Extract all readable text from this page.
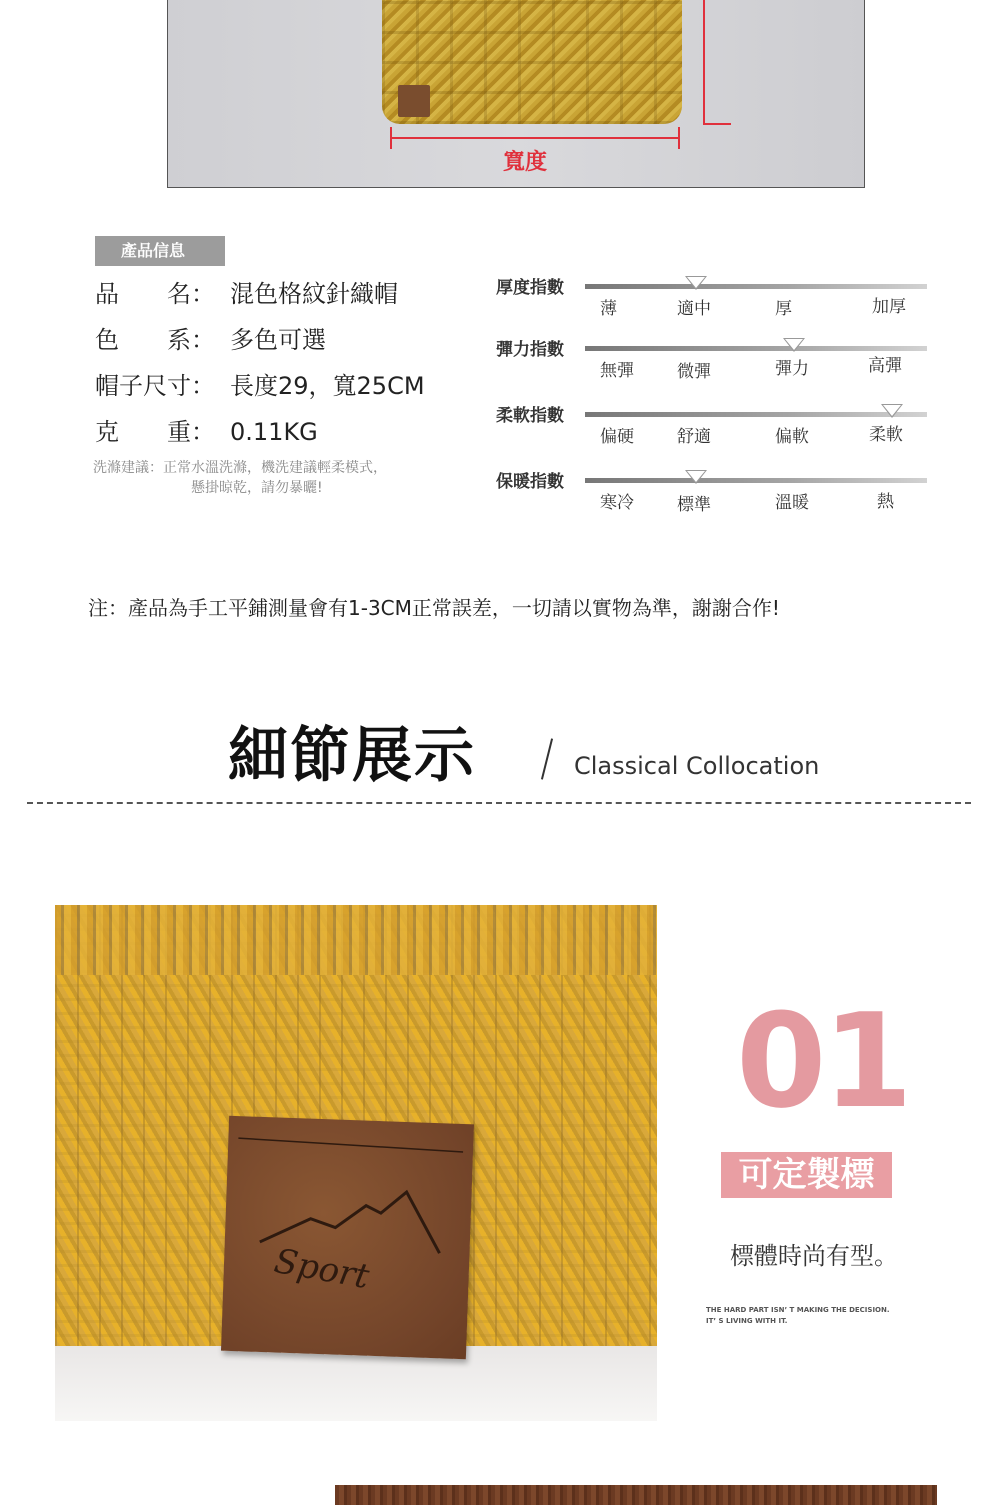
寬度
產品信息
品　　名： 混色格紋針織帽
色　　系： 多色可選
帽子尺寸： 長度29，寬25CM
克　　重： 0.11KG
洗滌建議：正常水溫洗滌，機洗建議輕柔模式，
懸掛晾乾，請勿暴曬!
厚度指數
薄	適中	厚	加厚
彈力指數
無彈	微彈	彈力	高彈
柔軟指數
偏硬	舒適	偏軟	柔軟
保暖指數
寒冷	標準	溫暖	熱
注：產品為手工平鋪測量會有1-3CM正常誤差，一切請以實物為準，謝謝合作!
細節展示	Classical Collocation
Sport
01
可定製標
標體時尚有型。
THE HARD PART ISN’ T MAKING THE DECISION.
IT’ S LIVING WITH IT.
